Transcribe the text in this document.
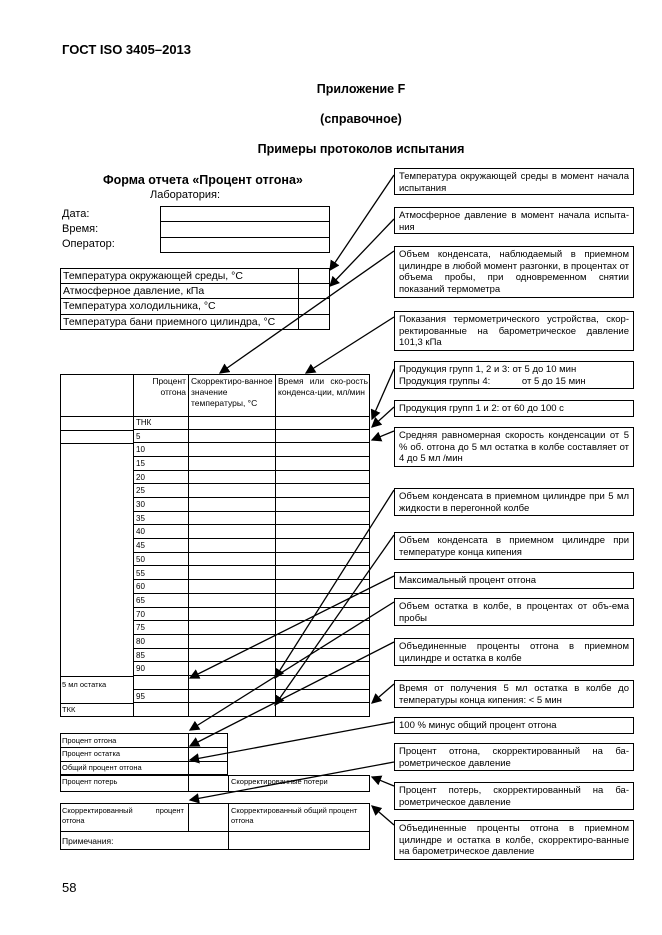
ГОСТ ISO 3405–2013
Приложение F
(справочное)
Примеры протоколов испытания
Форма отчета «Процент отгона»
Лаборатория:
Дата:
Время:
Оператор:
Температура окружающей среды, °С
Атмосферное давление, кПа
Температура холодильника, °С
Температура бани приемного цилиндра, °С
Процент отгона
Скорректиро-ванное значение температуры, °С
Время или ско-рость конденса-ции, мл/мин
ТНК
5
10
15
20
25
30
35
40
45
50
55
60
65
70
75
80
85
90
95
5 мл остатка
ТКК
Процент отгона
Процент остатка
Общий процент отгона
Процент потерь	Скорректированные потери
Скорректированный процент отгона
Скорректированный общий процент отгона
Примечания:
Температура окружающей среды в момент начала испытания
Атмосферное давление в момент начала испыта-ния
Объем конденсата, наблюдаемый в приемном цилиндре в любой момент разгонки, в процентах от объема пробы, при одновременном снятии показаний термометра
Показания термометрического устройства, скор-ректированные на барометрическое давление 101,3 кПа
Продукция групп 1, 2 и 3: от 5 до 10 мин
Продукция группы 4:            от 5 до 15 мин
Продукция групп 1 и 2: от 60 до 100 с
Средняя равномерная скорость конденсации от 5 % об. отгона до 5 мл остатка в колбе составляет от 4 до 5 мл /мин
Объем конденсата в приемном цилиндре при 5 мл жидкости в перегонной колбе
Объем конденсата в приемном цилиндре при температуре конца кипения
Максимальный процент отгона
Объем остатка в колбе, в процентах от объ-ема пробы
Объединенные проценты отгона в приемном цилиндре и остатка в колбе
Время от получения 5 мл остатка в колбе до температуры конца кипения: < 5 мин
100 % минус общий процент отгона
Процент отгона, скорректированный на ба-рометрическое давление
Процент потерь, скорректированный на ба-рометрическое давление
Объединенные проценты отгона в приемном цилиндре и остатка в колбе, скорректиро-ванные на барометрическое давление
58
